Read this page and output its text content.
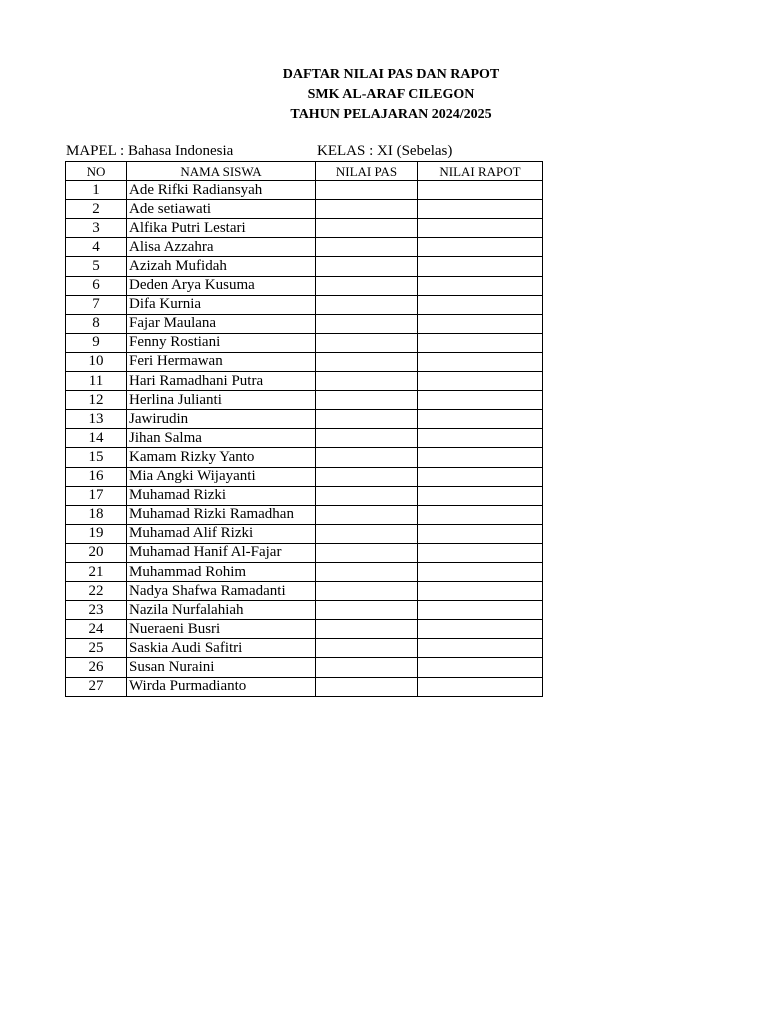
DAFTAR NILAI PAS DAN RAPOT
SMK AL-ARAF CILEGON
TAHUN PELAJARAN 2024/2025
MAPEL : Bahasa Indonesia	KELAS : XI (Sebelas)
NO	NAMA SISWA	NILAI PAS	NILAI RAPOT
1	Ade Rifki Radiansyah		
2	Ade setiawati		
3	Alfika Putri Lestari		
4	Alisa Azzahra		
5	Azizah Mufidah		
6	Deden Arya Kusuma		
7	Difa Kurnia		
8	Fajar Maulana		
9	Fenny Rostiani		
10	Feri Hermawan		
11	Hari Ramadhani Putra		
12	Herlina Julianti		
13	Jawirudin		
14	Jihan Salma		
15	Kamam Rizky Yanto		
16	Mia Angki Wijayanti		
17	Muhamad Rizki		
18	Muhamad Rizki Ramadhan		
19	Muhamad Alif Rizki		
20	Muhamad Hanif Al-Fajar		
21	Muhammad Rohim		
22	Nadya Shafwa Ramadanti		
23	Nazila Nurfalahiah		
24	Nueraeni Busri		
25	Saskia Audi Safitri		
26	Susan Nuraini		
27	Wirda Purmadianto		
